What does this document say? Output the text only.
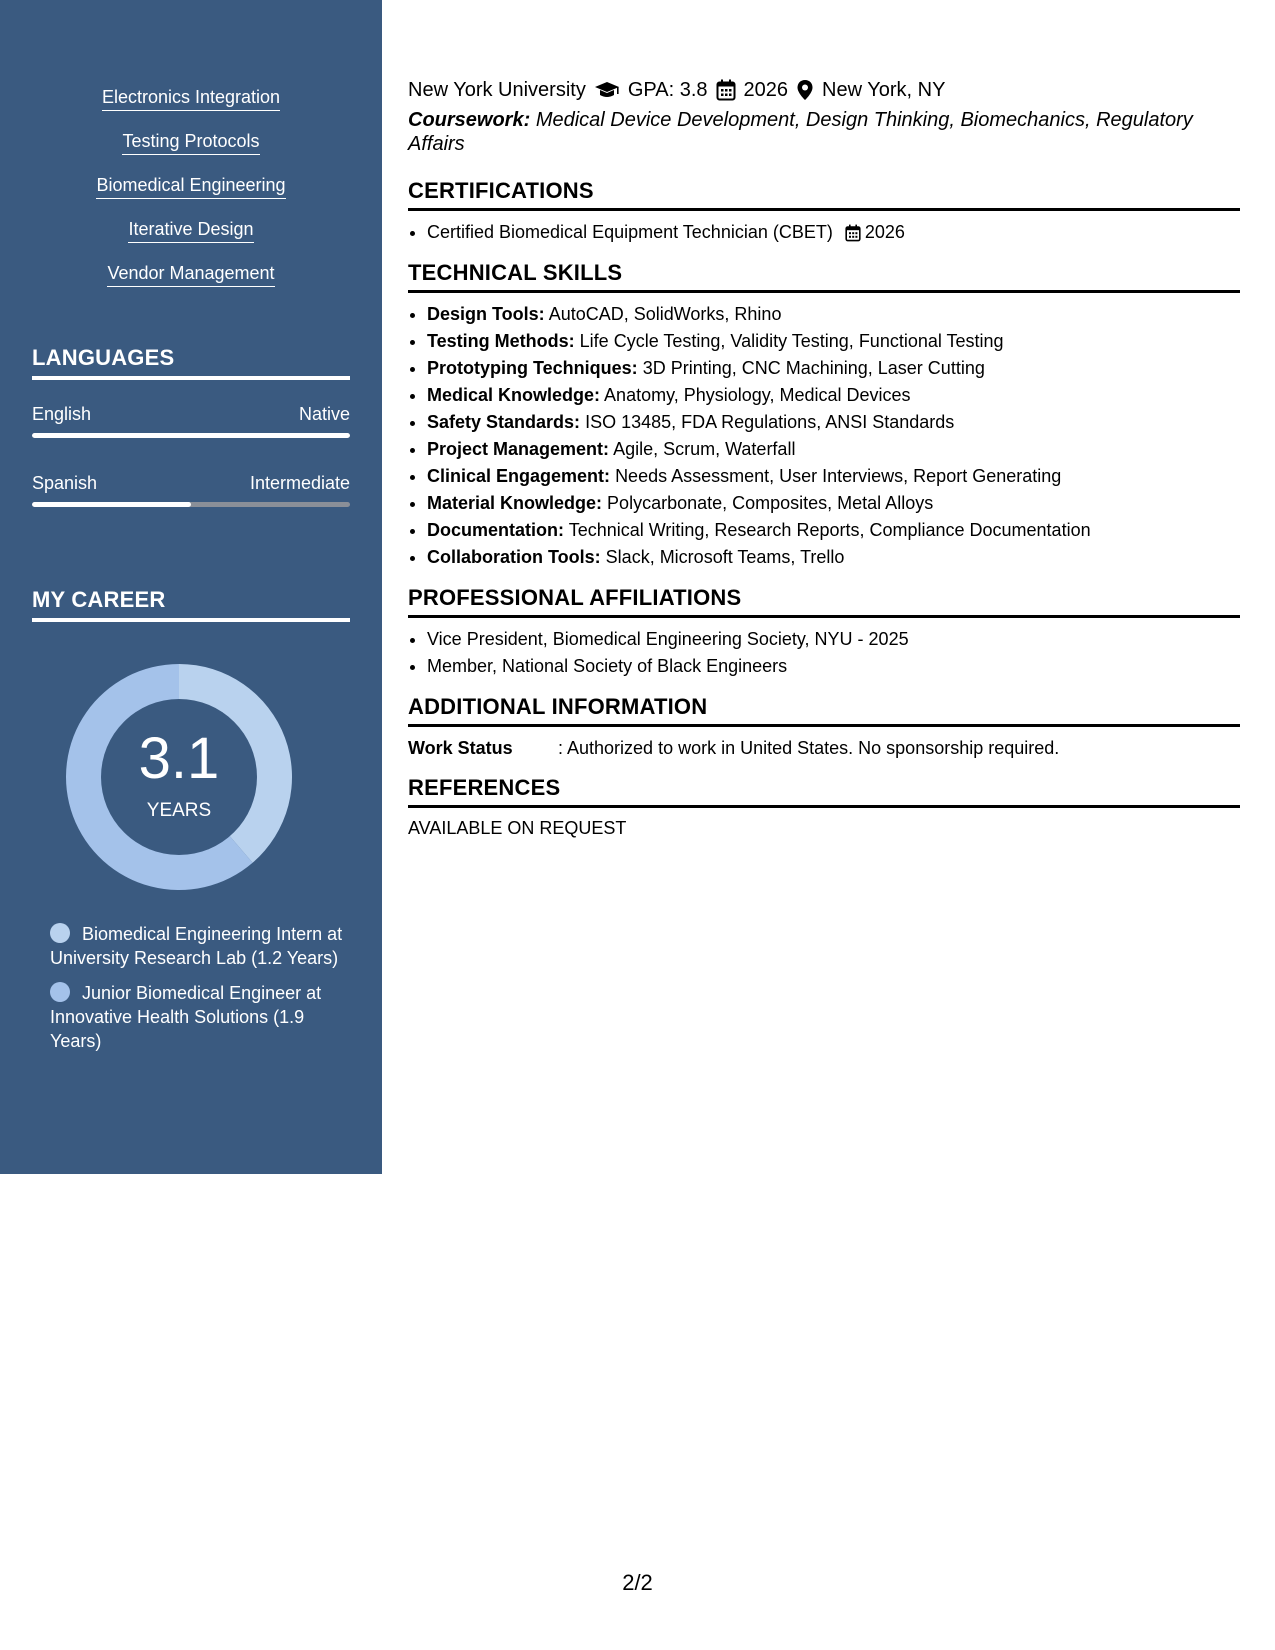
Electronics Integration
Testing Protocols
Biomedical Engineering
Iterative Design
Vendor Management
LANGUAGES
English	Native
Spanish	Intermediate
MY CAREER
3.1
YEARS
Biomedical Engineering Intern at University Research Lab (1.2 Years)
Junior Biomedical Engineer at Innovative Health Solutions (1.9 Years)
New York University GPA: 3.8 2026 New York, NY
Coursework: Medical Device Development, Design Thinking, Biomechanics, Regulatory Affairs
CERTIFICATIONS
• Certified Biomedical Equipment Technician (CBET) 2026
TECHNICAL SKILLS
• Design Tools: AutoCAD, SolidWorks, Rhino
• Testing Methods: Life Cycle Testing, Validity Testing, Functional Testing
• Prototyping Techniques: 3D Printing, CNC Machining, Laser Cutting
• Medical Knowledge: Anatomy, Physiology, Medical Devices
• Safety Standards: ISO 13485, FDA Regulations, ANSI Standards
• Project Management: Agile, Scrum, Waterfall
• Clinical Engagement: Needs Assessment, User Interviews, Report Generating
• Material Knowledge: Polycarbonate, Composites, Metal Alloys
• Documentation: Technical Writing, Research Reports, Compliance Documentation
• Collaboration Tools: Slack, Microsoft Teams, Trello
PROFESSIONAL AFFILIATIONS
• Vice President, Biomedical Engineering Society, NYU - 2025
• Member, National Society of Black Engineers
ADDITIONAL INFORMATION
Work Status	: Authorized to work in United States. No sponsorship required.
REFERENCES
AVAILABLE ON REQUEST
2/2
